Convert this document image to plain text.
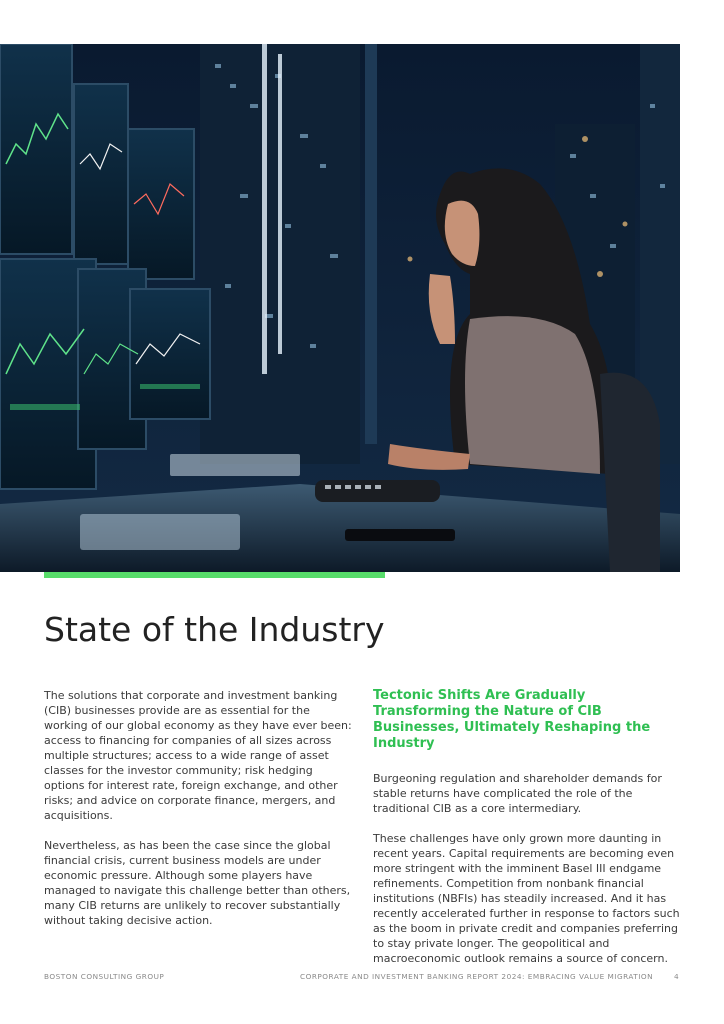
State of the Industry

The solutions that corporate and investment banking (CIB) businesses provide are as essential for the working of our global economy as they have ever been: access to financing for companies of all sizes across multiple structures; access to a wide range of asset classes for the investor community; risk hedging options for interest rate, foreign exchange, and other risks; and advice on corporate finance, mergers, and acquisitions.

Nevertheless, as has been the case since the global financial crisis, current business models are under economic pressure. Although some players have managed to navigate this challenge better than others, many CIB returns are unlikely to recover substantially without taking decisive action.

Tectonic Shifts Are Gradually Transforming the Nature of CIB Businesses, Ultimately Reshaping the Industry

Burgeoning regulation and shareholder demands for stable returns have complicated the role of the traditional CIB as a core intermediary.

These challenges have only grown more daunting in recent years. Capital requirements are becoming even more stringent with the imminent Basel III endgame refinements. Competition from nonbank financial institutions (NBFIs) has steadily increased. And it has recently accelerated further in response to factors such as the boom in private credit and companies preferring to stay private longer. The geopolitical and macroeconomic outlook remains a source of concern.

BOSTON CONSULTING GROUP	CORPORATE AND INVESTMENT BANKING REPORT 2024: EMBRACING VALUE MIGRATION	4
